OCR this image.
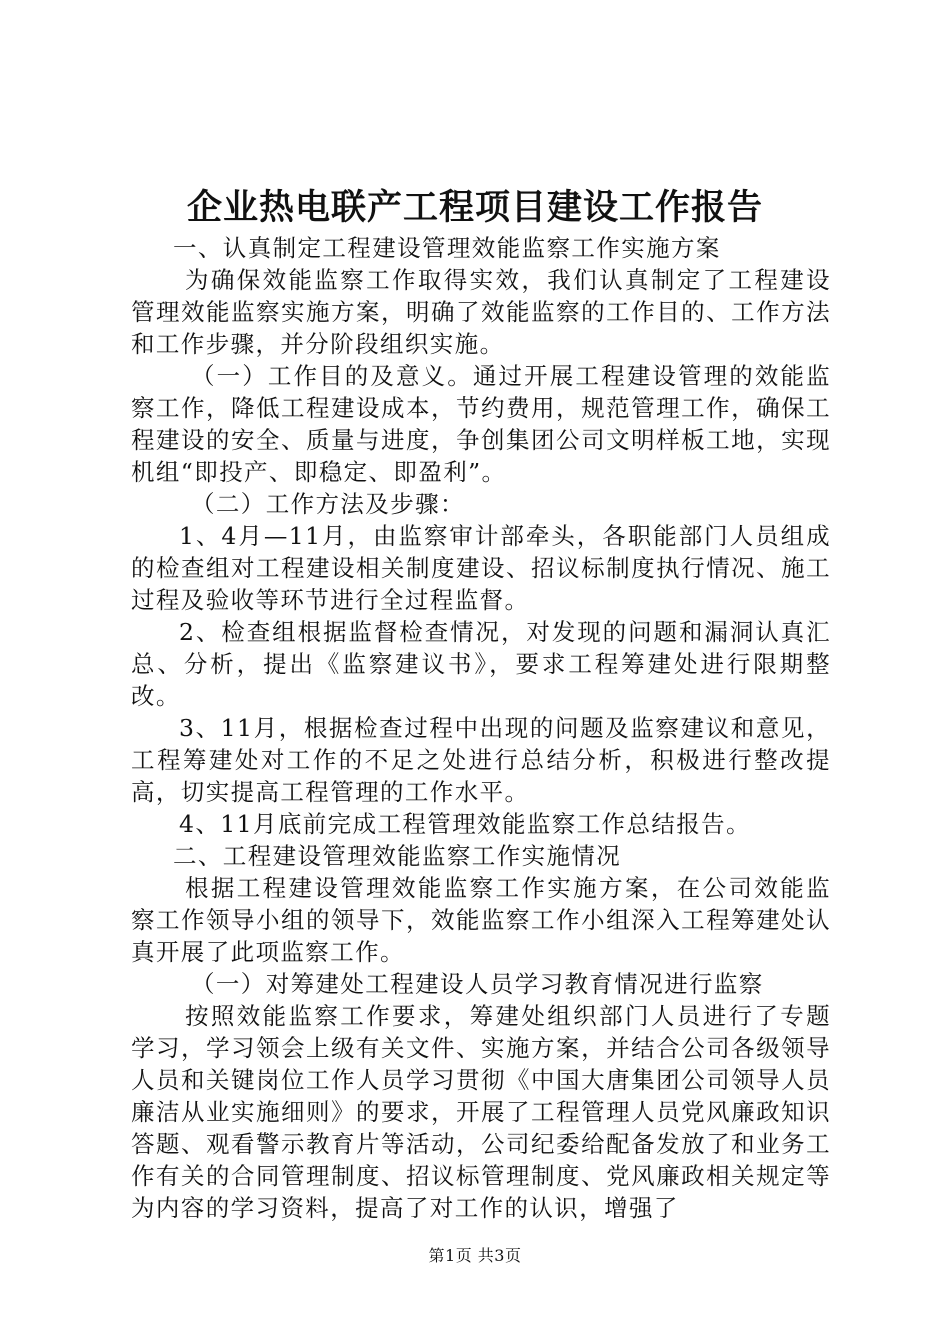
企业热电联产工程项目建设工作报告

一、认真制定工程建设管理效能监察工作实施方案

为确保效能监察工作取得实效，我们认真制定了工程建设管理效能监察实施方案，明确了效能监察的工作目的、工作方法和工作步骤，并分阶段组织实施。

（一）工作目的及意义。通过开展工程建设管理的效能监察工作，降低工程建设成本，节约费用，规范管理工作，确保工程建设的安全、质量与进度，争创集团公司文明样板工地，实现机组“即投产、即稳定、即盈利”。

（二）工作方法及步骤：

1、4月—11月，由监察审计部牵头，各职能部门人员组成的检查组对工程建设相关制度建设、招议标制度执行情况、施工过程及验收等环节进行全过程监督。

2、检查组根据监督检查情况，对发现的问题和漏洞认真汇总、分析，提出《监察建议书》，要求工程筹建处进行限期整改。

3、11月，根据检查过程中出现的问题及监察建议和意见，工程筹建处对工作的不足之处进行总结分析，积极进行整改提高，切实提高工程管理的工作水平。

4、11月底前完成工程管理效能监察工作总结报告。

二、工程建设管理效能监察工作实施情况

根据工程建设管理效能监察工作实施方案，在公司效能监察工作领导小组的领导下，效能监察工作小组深入工程筹建处认真开展了此项监察工作。

（一）对筹建处工程建设人员学习教育情况进行监察

按照效能监察工作要求，筹建处组织部门人员进行了专题学习，学习领会上级有关文件、实施方案，并结合公司各级领导人员和关键岗位工作人员学习贯彻《中国大唐集团公司领导人员廉洁从业实施细则》的要求，开展了工程管理人员党风廉政知识答题、观看警示教育片等活动，公司纪委给配备发放了和业务工作有关的合同管理制度、招议标管理制度、党风廉政相关规定等为内容的学习资料，提高了对工作的认识，增强了

第1页 共3页
